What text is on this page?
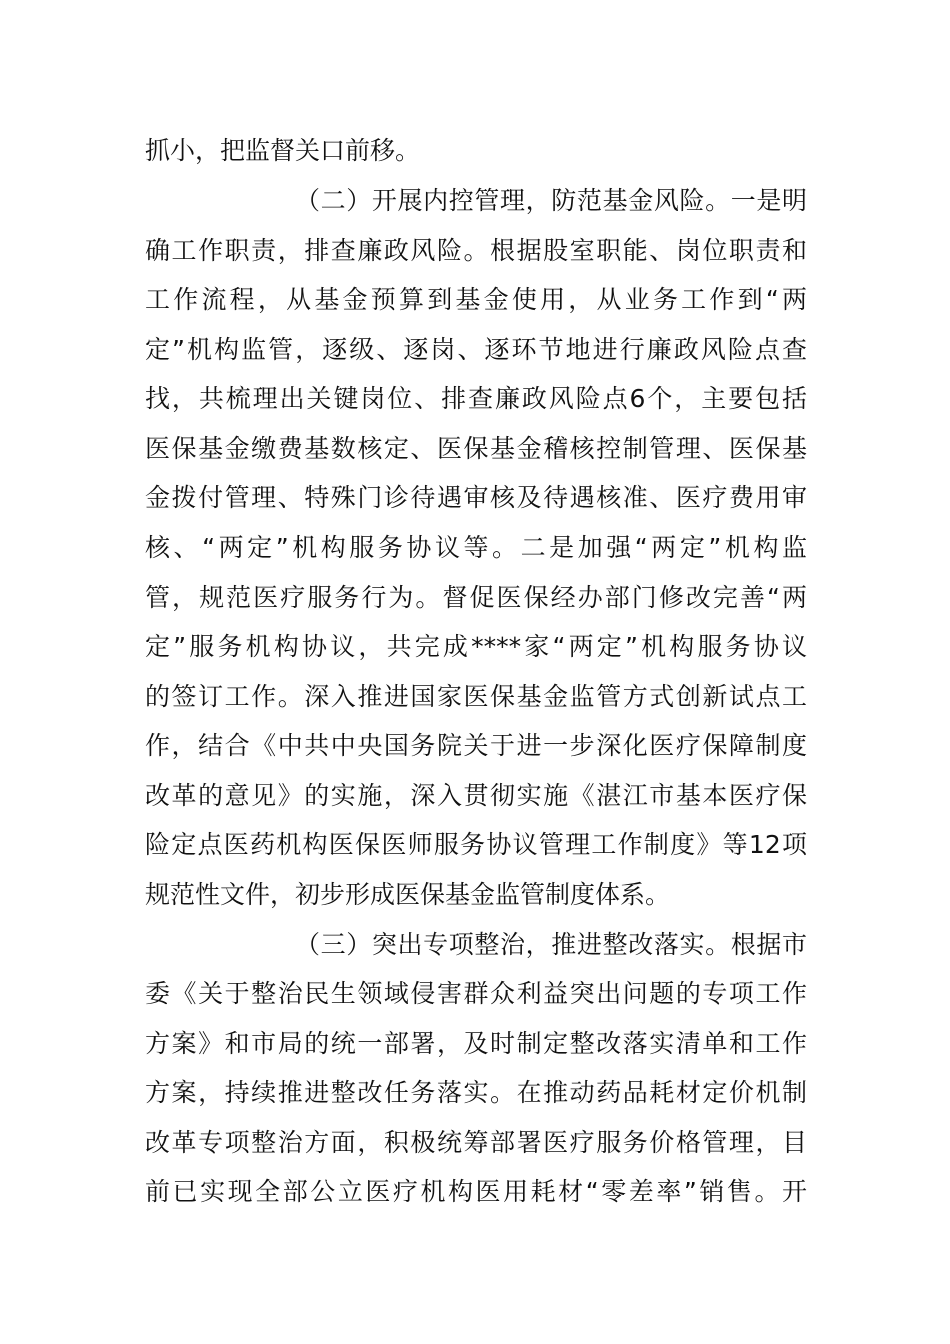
抓小，把监督关口前移。
（二）开展内控管理，防范基金风险。一是明
确工作职责，排查廉政风险。根据股室职能、岗位职责和
工作流程，从基金预算到基金使用，从业务工作到“两
定”机构监管，逐级、逐岗、逐环节地进行廉政风险点查
找，共梳理出关键岗位、排查廉政风险点6个，主要包括
医保基金缴费基数核定、医保基金稽核控制管理、医保基
金拨付管理、特殊门诊待遇审核及待遇核准、医疗费用审
核、“两定”机构服务协议等。二是加强“两定”机构监
管，规范医疗服务行为。督促医保经办部门修改完善“两
定”服务机构协议，共完成****家“两定”机构服务协议
的签订工作。深入推进国家医保基金监管方式创新试点工
作，结合《中共中央国务院关于进一步深化医疗保障制度
改革的意见》的实施，深入贯彻实施《湛江市基本医疗保
险定点医药机构医保医师服务协议管理工作制度》等12项
规范性文件，初步形成医保基金监管制度体系。
（三）突出专项整治，推进整改落实。根据市
委《关于整治民生领域侵害群众利益突出问题的专项工作
方案》和市局的统一部署，及时制定整改落实清单和工作
方案，持续推进整改任务落实。在推动药品耗材定价机制
改革专项整治方面，积极统筹部署医疗服务价格管理，目
前已实现全部公立医疗机构医用耗材“零差率”销售。开
